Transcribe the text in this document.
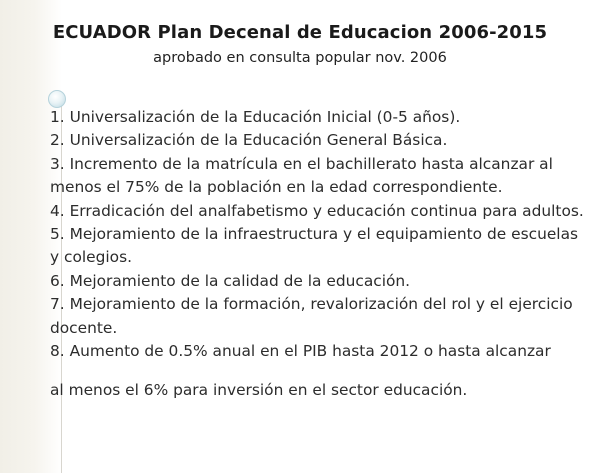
ECUADOR Plan Decenal de Educacion 2006-2015
aprobado en consulta popular nov. 2006
1. Universalización de la Educación Inicial (0-5 años).
2. Universalización de la Educación General Básica.
3. Incremento de la matrícula en el bachillerato hasta alcanzar al menos el 75% de la población en la edad correspondiente.
4. Erradicación del analfabetismo y educación continua para adultos.
5. Mejoramiento de la infraestructura y el equipamiento de escuelas y colegios.
6. Mejoramiento de la calidad de la educación.
7. Mejoramiento de la formación, revalorización del rol y el ejercicio docente.
8. Aumento de 0.5% anual en el PIB hasta 2012 o hasta alcanzar
al menos el 6% para inversión en el sector educación.
